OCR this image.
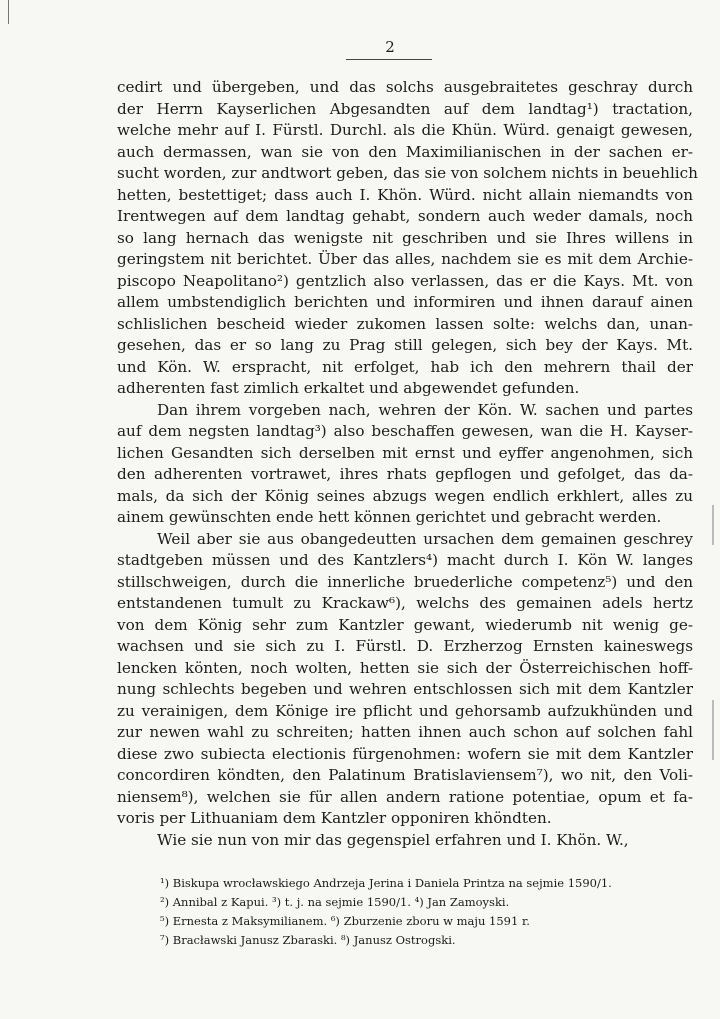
2
cedirt und übergeben, und das solchs ausgebraitetes geschray durch
der Herrn Kayserlichen Abgesandten auf dem landtag¹) tractation,
welche mehr auf I. Fürstl. Durchl. als die Khün. Würd. genaigt gewesen,
auch dermassen, wan sie von den Maximilianischen in der sachen er-
sucht worden, zur andtwort geben, das sie von solchem nichts in beuehlich
hetten, bestettiget; dass auch I. Khön. Würd. nicht allain niemandts von
Irentwegen auf dem landtag gehabt, sondern auch weder damals, noch
so lang hernach das wenigste nit geschriben und sie Ihres willens in
geringstem nit berichtet. Über das alles, nachdem sie es mit dem Archie-
piscopo Neapolitano²) gentzlich also verlassen, das er die Kays. Mt. von
allem umbstendiglich berichten und informiren und ihnen darauf ainen
schlislichen bescheid wieder zukomen lassen solte: welchs dan, unan-
gesehen, das er so lang zu Prag still gelegen, sich bey der Kays. Mt.
und Kön. W. erspracht, nit erfolget, hab ich den mehrern thail der
adherenten fast zimlich erkaltet und abgewendet gefunden.
Dan ihrem vorgeben nach, wehren der Kön. W. sachen und partes
auf dem negsten landtag³) also beschaffen gewesen, wan die H. Kayser-
lichen Gesandten sich derselben mit ernst und eyffer angenohmen, sich
den adherenten vortrawet, ihres rhats gepflogen und gefolget, das da-
mals, da sich der König seines abzugs wegen endlich erkhlert, alles zu
ainem gewünschten ende hett können gerichtet und gebracht werden.
Weil aber sie aus obangedeutten ursachen dem gemainen geschrey
stadtgeben müssen und des Kantzlers⁴) macht durch I. Kön W. langes
stillschweigen, durch die innerliche bruederliche competenz⁵) und den
entstandenen tumult zu Krackaw⁶), welchs des gemainen adels hertz
von dem König sehr zum Kantzler gewant, wiederumb nit wenig ge-
wachsen und sie sich zu I. Fürstl. D. Erzherzog Ernsten kaineswegs
lencken könten, noch wolten, hetten sie sich der Österreichischen hoff-
nung schlechts begeben und wehren entschlossen sich mit dem Kantzler
zu verainigen, dem Könige ire pflicht und gehorsamb aufzukhünden und
zur newen wahl zu schreiten; hatten ihnen auch schon auf solchen fahl
diese zwo subiecta electionis fürgenohmen: wofern sie mit dem Kantzler
concordiren köndten, den Palatinum Bratislaviensem⁷), wo nit, den Voli-
niensem⁸), welchen sie für allen andern ratione potentiae, opum et fa-
voris per Lithuaniam dem Kantzler opponiren khöndten.
Wie sie nun von mir das gegenspiel erfahren und I. Khön. W.,
¹) Biskupa wrocławskiego Andrzeja Jerina i Daniela Printza na sejmie 1590/1.
²) Annibal z Kapui. ³) t. j. na sejmie 1590/1. ⁴) Jan Zamoyski.
⁵) Ernesta z Maksymilianem. ⁶) Zburzenie zboru w maju 1591 r.
⁷) Bracławski Janusz Zbaraski. ⁸) Janusz Ostrogski.
